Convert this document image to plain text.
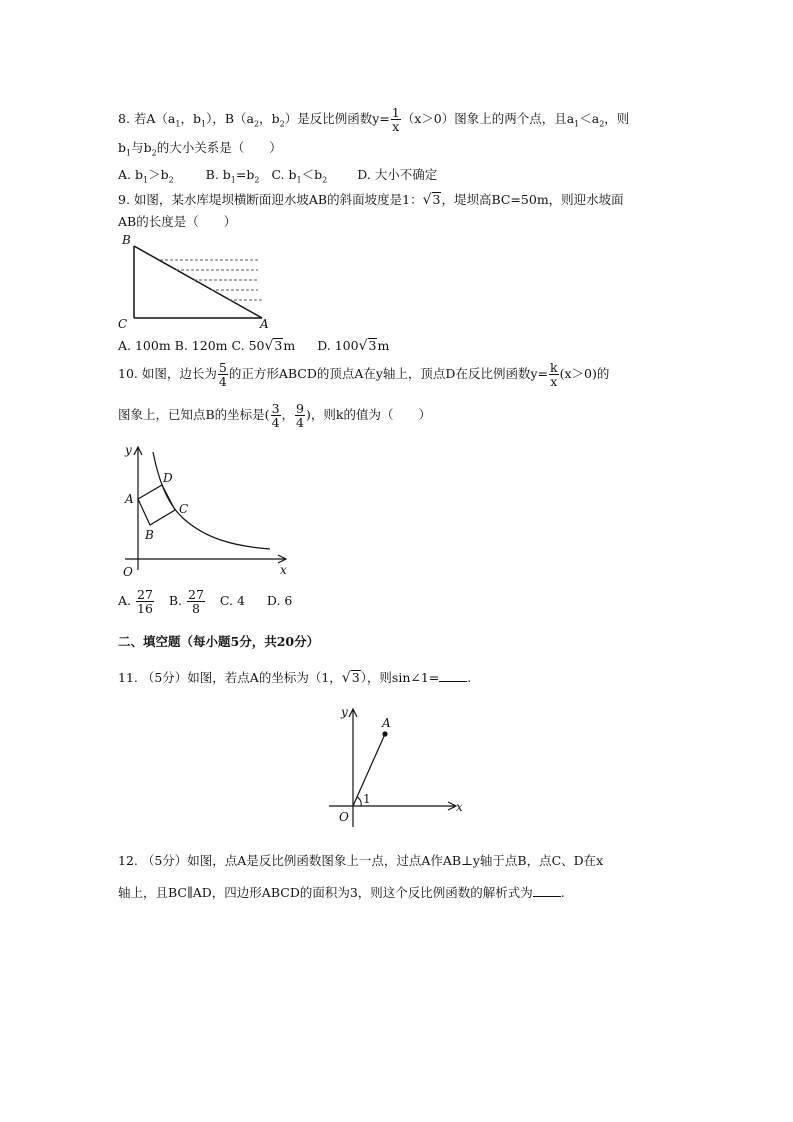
8. 若$A(a_1$，$b_1$），$B(a_2$，$b_2$）是反比例函数$y= \frac{1}{x} (x>0)$图象上的两个点，且$a_1<a_2$，则
$b_1$与$b_2$的大小关系是（　　）
A. $b_1>b_2$	B. $b_1=b_2$ C. $b_1<b_2$ D. 大小不确定
9. 如图，某水库堤坝横断面迎水坡AB的斜面坡度是1：√3，堤坝高BC=50m，则迎水坡面
AB的长度是（　　）
B
C	A
A. 100m B. 120m C. 50√3m D. 100√3m
10. 如图，边长为 $\frac{5}{4}$ 的正方形ABCD的顶点A在y轴上，顶点D在反比例函数$y= \frac{k}{x} (x>0)$的
图象上，已知点B的坐标是( $\frac{3}{4}$ ， $\frac{9}{4}$ )，则k的值为（　　）
A
D
C
B
y
x
O
A. $\frac{27}{16} B$. $\frac{27}{8} C$. 4 D. 6
二、填空题（每小题5分，共20分）
11. （5分）如图，若点A的坐标为（1，√3），则sin∠1= .
1
A
y
x
O
12. （5分）如图，点A是反比例函数图象上一点，过点A作AB⊥y轴于点B，点C、D在x
轴上，且BC∥AD，四边形ABCD的面积为3，则这个反比例函数的解析式为 .
